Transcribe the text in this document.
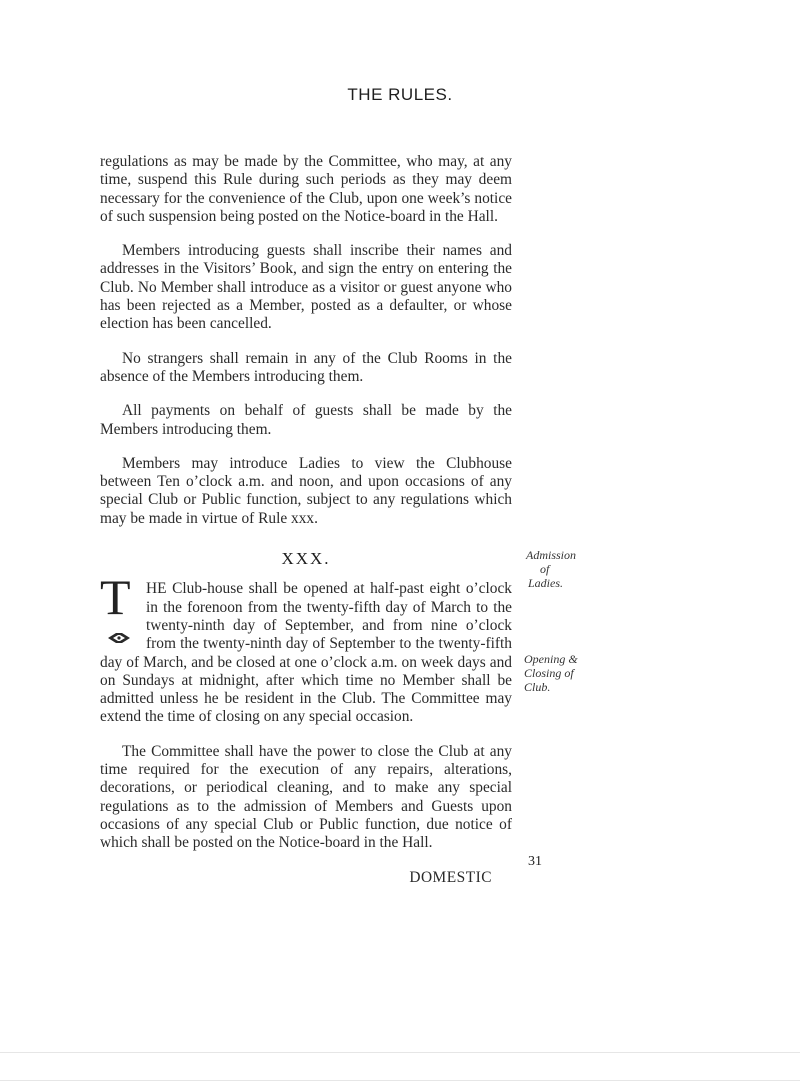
THE RULES.

regulations as may be made by the Committee, who may, at any time, suspend this Rule during such periods as they may deem necessary for the convenience of the Club, upon one week’s notice of such suspension being posted on the Notice-board in the Hall.

Members introducing guests shall inscribe their names and addresses in the Visitors’ Book, and sign the entry on entering the Club. No Member shall introduce as a visitor or guest anyone who has been rejected as a Member, posted as a defaulter, or whose election has been cancelled.

No strangers shall remain in any of the Club Rooms in the absence of the Members introducing them.

All payments on behalf of guests shall be made by the Members introducing them.

Members may introduce Ladies to view the Clubhouse between Ten o’clock a.m. and noon, and upon occasions of any special Club or Public function, subject to any regulations which may be made in virtue of Rule xxx.

XXX.
T HE Club-house shall be opened at half-past eight o’clock in the forenoon from the twenty-fifth day of March to the twenty-ninth day of September, and from nine o’clock from the twenty-ninth day of September to the twenty-fifth day of March, and be closed at one o’clock a.m. on week days and on Sundays at midnight, after which time no Member shall be admitted unless he be resident in the Club. The Committee may extend the time of closing on any special occasion.

The Committee shall have the power to close the Club at any time required for the execution of any repairs, alterations, decorations, or periodical cleaning, and to make any special regulations as to the admission of Members and Guests upon occasions of any special Club or Public function, due notice of which shall be posted on the Notice-board in the Hall.

DOMESTIC
Admission
of
Ladies.
Opening &
Closing of
Club.
31
